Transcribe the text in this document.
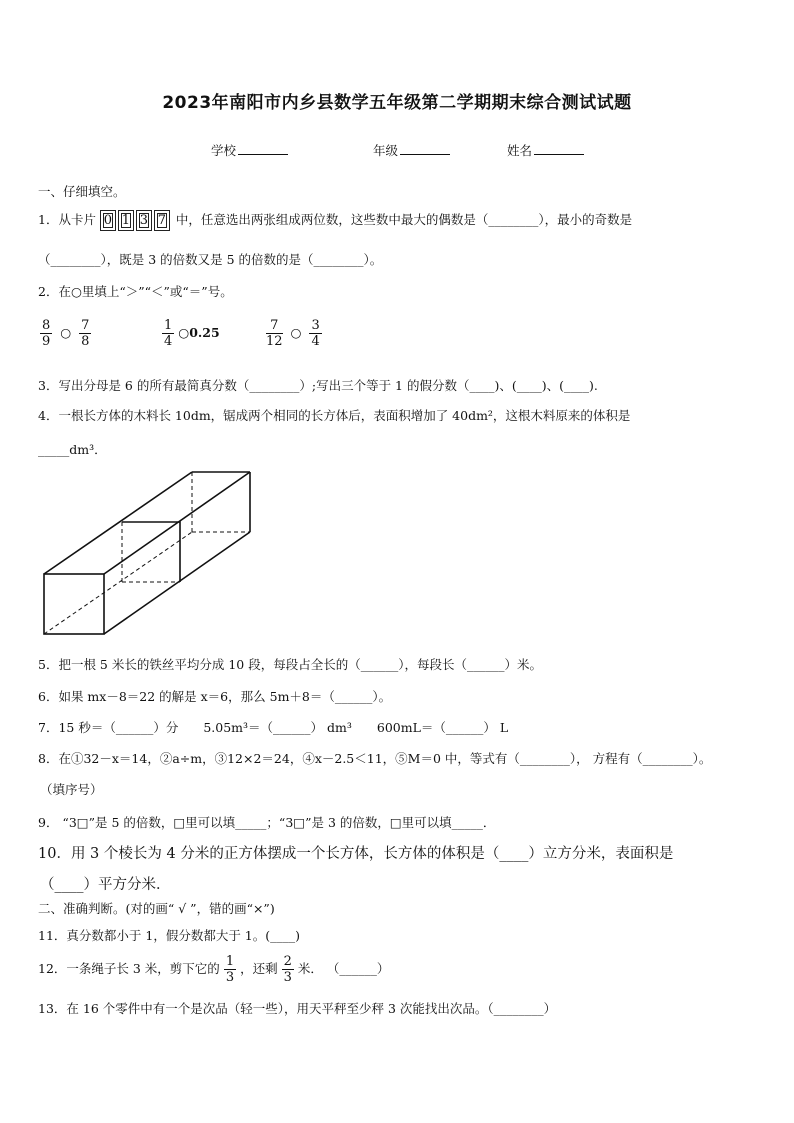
2023年南阳市内乡县数学五年级第二学期期末综合测试试题
学校	年级	姓名
一、仔细填空。
1．从卡片 0 1 3 7 中，任意选出两张组成两位数，这些数中最大的偶数是（________），最小的奇数是
（________），既是 3 的倍数又是 5 的倍数的是（________）。
2．在○里填上“＞”“＜”或“＝”号。
$\frac{8}{9}$ ○ $\frac{7}{8}$	$\frac{1}{4}$ ○0.25	$\frac{7}{12}$ ○ $\frac{3}{4}$
3．写出分母是 6 的所有最简真分数（________）;写出三个等于 1 的假分数（____)、(____)、(____).
4．一根长方体的木料长 10dm，锯成两个相同的长方体后，表面积增加了 40dm²，这根木料原来的体积是
_____dm³．
5．把一根 5 米长的铁丝平均分成 10 段，每段占全长的（______），每段长（______）米。
6．如果 mx－8＝22 的解是 x＝6，那么 5m＋8＝（______）。
7．15 秒＝（______）分　　5.05m³＝（______） dm³　　600mL＝（______） L
8．在①32－x＝14，②a÷m，③12×2＝24，④x－2.5＜11，⑤M＝0 中，等式有（________）， 方程有（________）。
（填序号）
9． “3□”是 5 的倍数，□里可以填_____；“3□”是 3 的倍数，□里可以填_____．
10．用 3 个棱长为 4 分米的正方体摆成一个长方体，长方体的体积是（____）立方分米，表面积是
（____）平方分米．
二、准确判断。(对的画“ √ ”，错的画“×”)
11．真分数都小于 1，假分数都大于 1。(____)
12．一条绳子长 3 米，剪下它的 $\frac{1}{3}$ ，还剩 $\frac{2}{3}$ 米． （______）
13．在 16 个零件中有一个是次品（轻一些），用天平秤至少秤 3 次能找出次品。（________）
